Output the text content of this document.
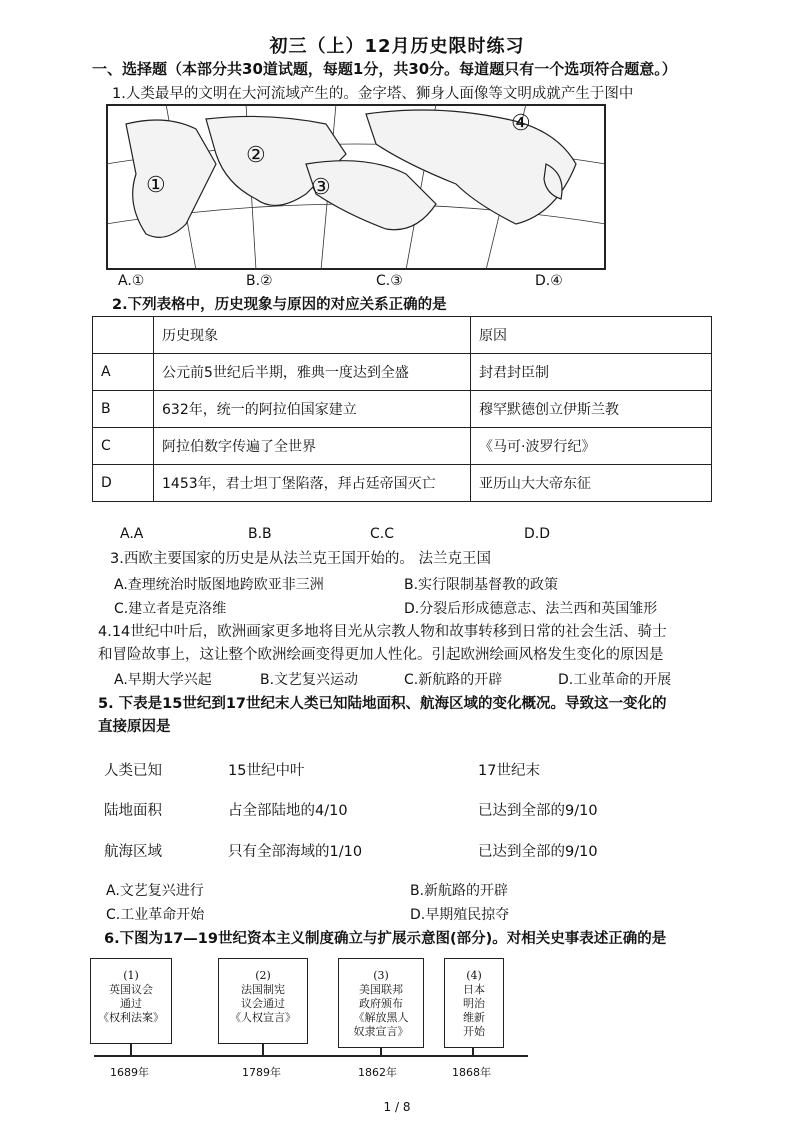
初三（上）12月历史限时练习
一、选择题（本部分共30道试题，每题1分，共30分。每道题只有一个选项符合题意。）
1.人类最早的文明在大河流域产生的。金字塔、狮身人面像等文明成就产生于图中
①
②
③
④
A.①	B.②	C.③	D.④
2.下列表格中，历史现象与原因的对应关系正确的是
	历史现象	原因
A	公元前5世纪后半期，雅典一度达到全盛	封君封臣制
B	632年，统一的阿拉伯国家建立	穆罕默德创立伊斯兰教
C	阿拉伯数字传遍了全世界	《马可·波罗行纪》
D	1453年，君士坦丁堡陷落，拜占廷帝国灭亡	亚历山大大帝东征
A.A	B.B	C.C	D.D
3.西欧主要国家的历史是从法兰克王国开始的。 法兰克王国
A.查理统治时版图地跨欧亚非三洲	B.实行限制基督教的政策
C.建立者是克洛维	D.分裂后形成德意志、法兰西和英国雏形
4.14世纪中叶后，欧洲画家更多地将目光从宗教人物和故事转移到日常的社会生活、骑士
和冒险故事上，这让整个欧洲绘画变得更加人性化。引起欧洲绘画风格发生变化的原因是
A.早期大学兴起	B.文艺复兴运动	C.新航路的开辟	D.工业革命的开展
5. 下表是15世纪到17世纪末人类已知陆地面积、航海区域的变化概况。导致这一变化的
直接原因是
人类已知	15世纪中叶	17世纪末
陆地面积	占全部陆地的4/10	已达到全部的9/10
航海区域	只有全部海域的1/10	已达到全部的9/10
A.文艺复兴进行	B.新航路的开辟
C.工业革命开始	D.早期殖民掠夺
6.下图为17—19世纪资本主义制度确立与扩展示意图(部分)。对相关史事表述正确的是
(1)
英国议会
通过
《权利法案》
(2)
法国制宪
议会通过
《人权宣言》
(3)
美国联邦
政府颁布
《解放黑人
奴隶宣言》
(4)
日本
明治
维新
开始
1689年	1789年	1862年	1868年
1 / 8
